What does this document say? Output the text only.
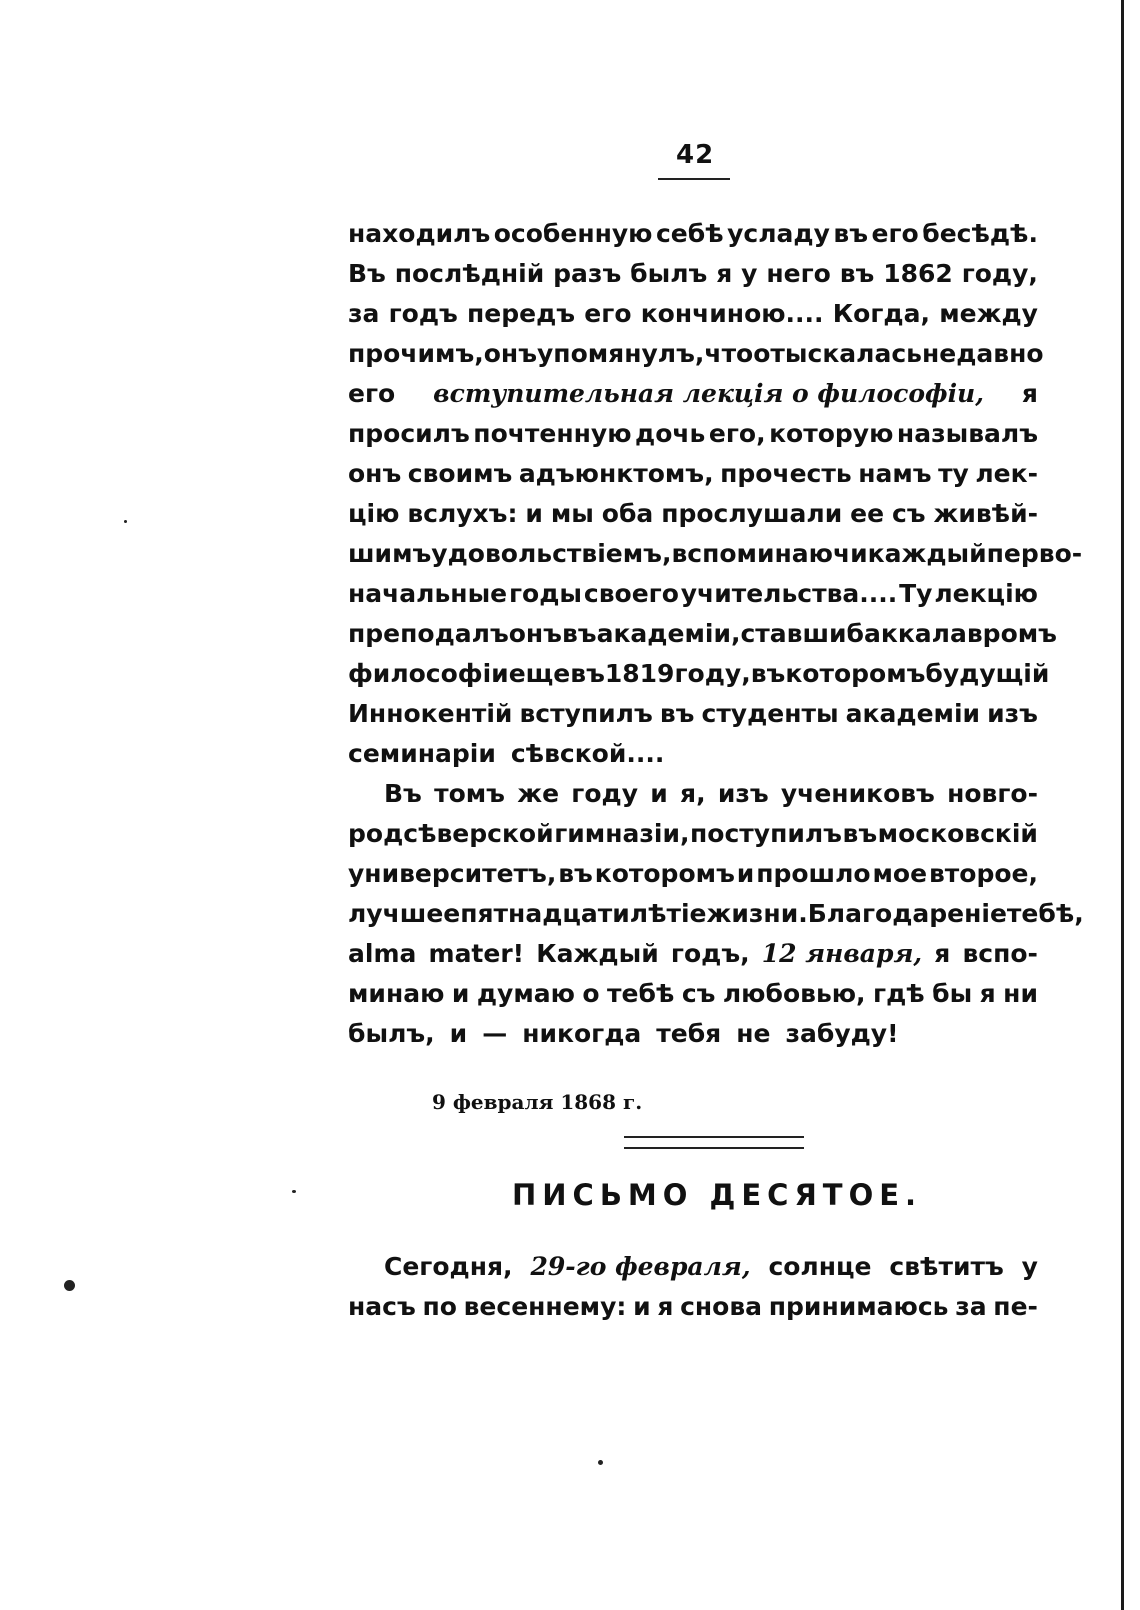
42
находилъ особенную себѣ усладу въ его бесѣдѣ.
Въ послѣдній разъ былъ я у него въ 1862 году,
за годъ передъ его кончиною.... Когда, между
прочимъ, онъ упомянулъ, что отыскалась недавно
его вступительная лекція о философіи, я
просилъ почтенную дочь его, которую называлъ
онъ своимъ адъюнктомъ, прочесть намъ ту лек-
цію вслухъ: и мы оба прослушали ее съ живѣй-
шимъ удовольствіемъ, вспоминаючи каждый перво-
начальные годы своего учительства.... Ту лекцію
преподалъ онъ въ академіи, ставши баккалавромъ
философіи еще въ 1819 году, въ которомъ будущій
Иннокентій вступилъ въ студенты академіи изъ
семинаріи сѣвской....
Въ томъ же году и я, изъ учениковъ новго-
родсѣверской гимназіи, поступилъ въ московскій
университетъ, въ которомъ и прошло мое второе,
лучшее пятнадцатилѣтіе жизни. Благодареніе тебѣ,
alma mater! Каждый годъ, 12 января, я вспо-
минаю и думаю о тебѣ съ любовью, гдѣ бы я ни
былъ, и — никогда тебя не забуду!
9 февраля 1868 г.
ПИСЬМО ДЕСЯТОЕ.
Сегодня, 29-го февраля, солнце свѣтитъ у
насъ по весеннему: и я снова принимаюсь за пе-
